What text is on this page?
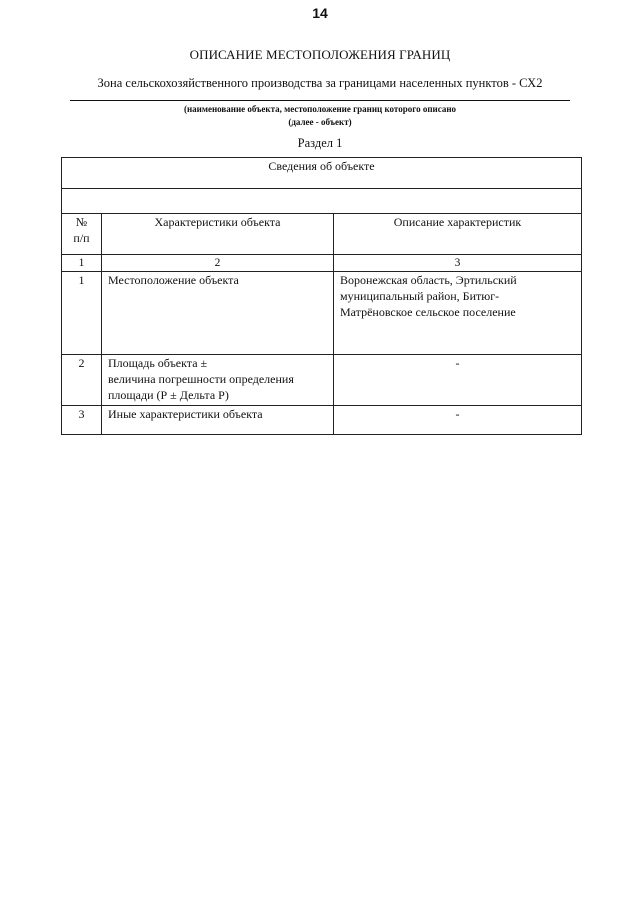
14
ОПИСАНИЕ МЕСТОПОЛОЖЕНИЯ ГРАНИЦ
Зона сельскохозяйственного производства за границами населенных пунктов - СХ2
(наименование объекта, местоположение границ которого описано
(далее - объект)
Раздел 1
Сведения об объекте		

№
п/п	Характеристики объекта	Описание характеристик
1	2	3
1	Местоположение объекта	Воронежская область, Эртильский
муниципальный район, Битюг-
Матрёновское сельское поселение

2	Площадь объекта ±
величина погрешности определения
площади (Р ± Дельта Р)	-
3	Иные характеристики объекта	-
